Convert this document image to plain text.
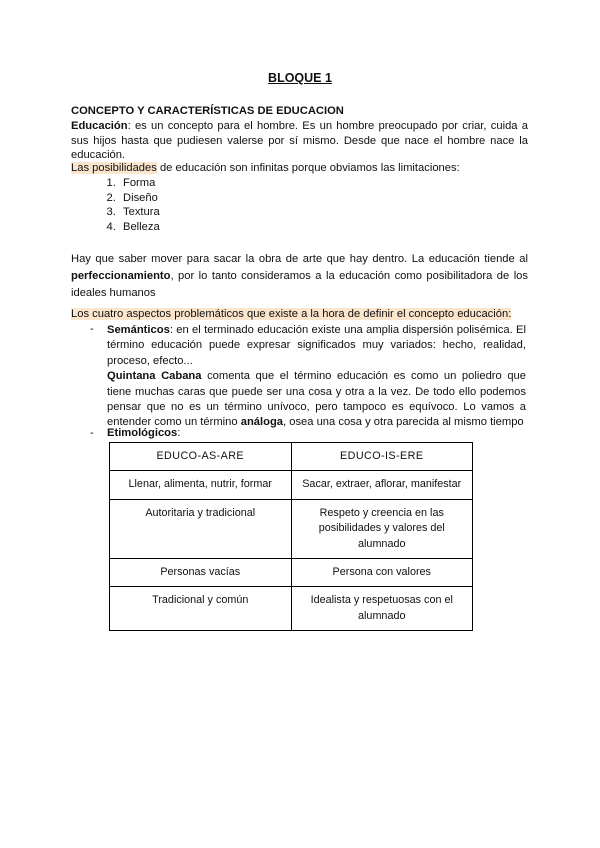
BLOQUE 1
CONCEPTO Y CARACTERÍSTICAS DE EDUCACION
Educación: es un concepto para el hombre. Es un hombre preocupado por criar, cuida a sus hijos hasta que pudiesen valerse por sí mismo. Desde que nace el hombre nace la educación.
Las posibilidades de educación son infinitas porque obviamos las limitaciones:
1. Forma
2. Diseño
3. Textura
4. Belleza
Hay que saber mover para sacar la obra de arte que hay dentro. La educación tiende al perfeccionamiento, por lo tanto consideramos a la educación como posibilitadora de los ideales humanos
Los cuatro aspectos problemáticos que existe a la hora de definir el concepto educación:
- Semánticos: en el terminado educación existe una amplia dispersión polisémica. El término educación puede expresar significados muy variados: hecho, realidad, proceso, efecto...
Quintana Cabana comenta que el término educación es como un poliedro que tiene muchas caras que puede ser una cosa y otra a la vez. De todo ello podemos pensar que no es un término unívoco, pero tampoco es equívoco. Lo vamos a entender como un término análoga, osea una cosa y otra parecida al mismo tiempo
- Etimológicos:
EDUCO-AS-ARE	EDUCO-IS-ERE
Llenar, alimenta, nutrir, formar	Sacar, extraer, aflorar, manifestar
Autoritaria y tradicional	Respeto y creencia en las posibilidades y valores del alumnado
Personas vacías	Persona con valores
Tradicional y común	Idealista y respetuosas con el alumnado
